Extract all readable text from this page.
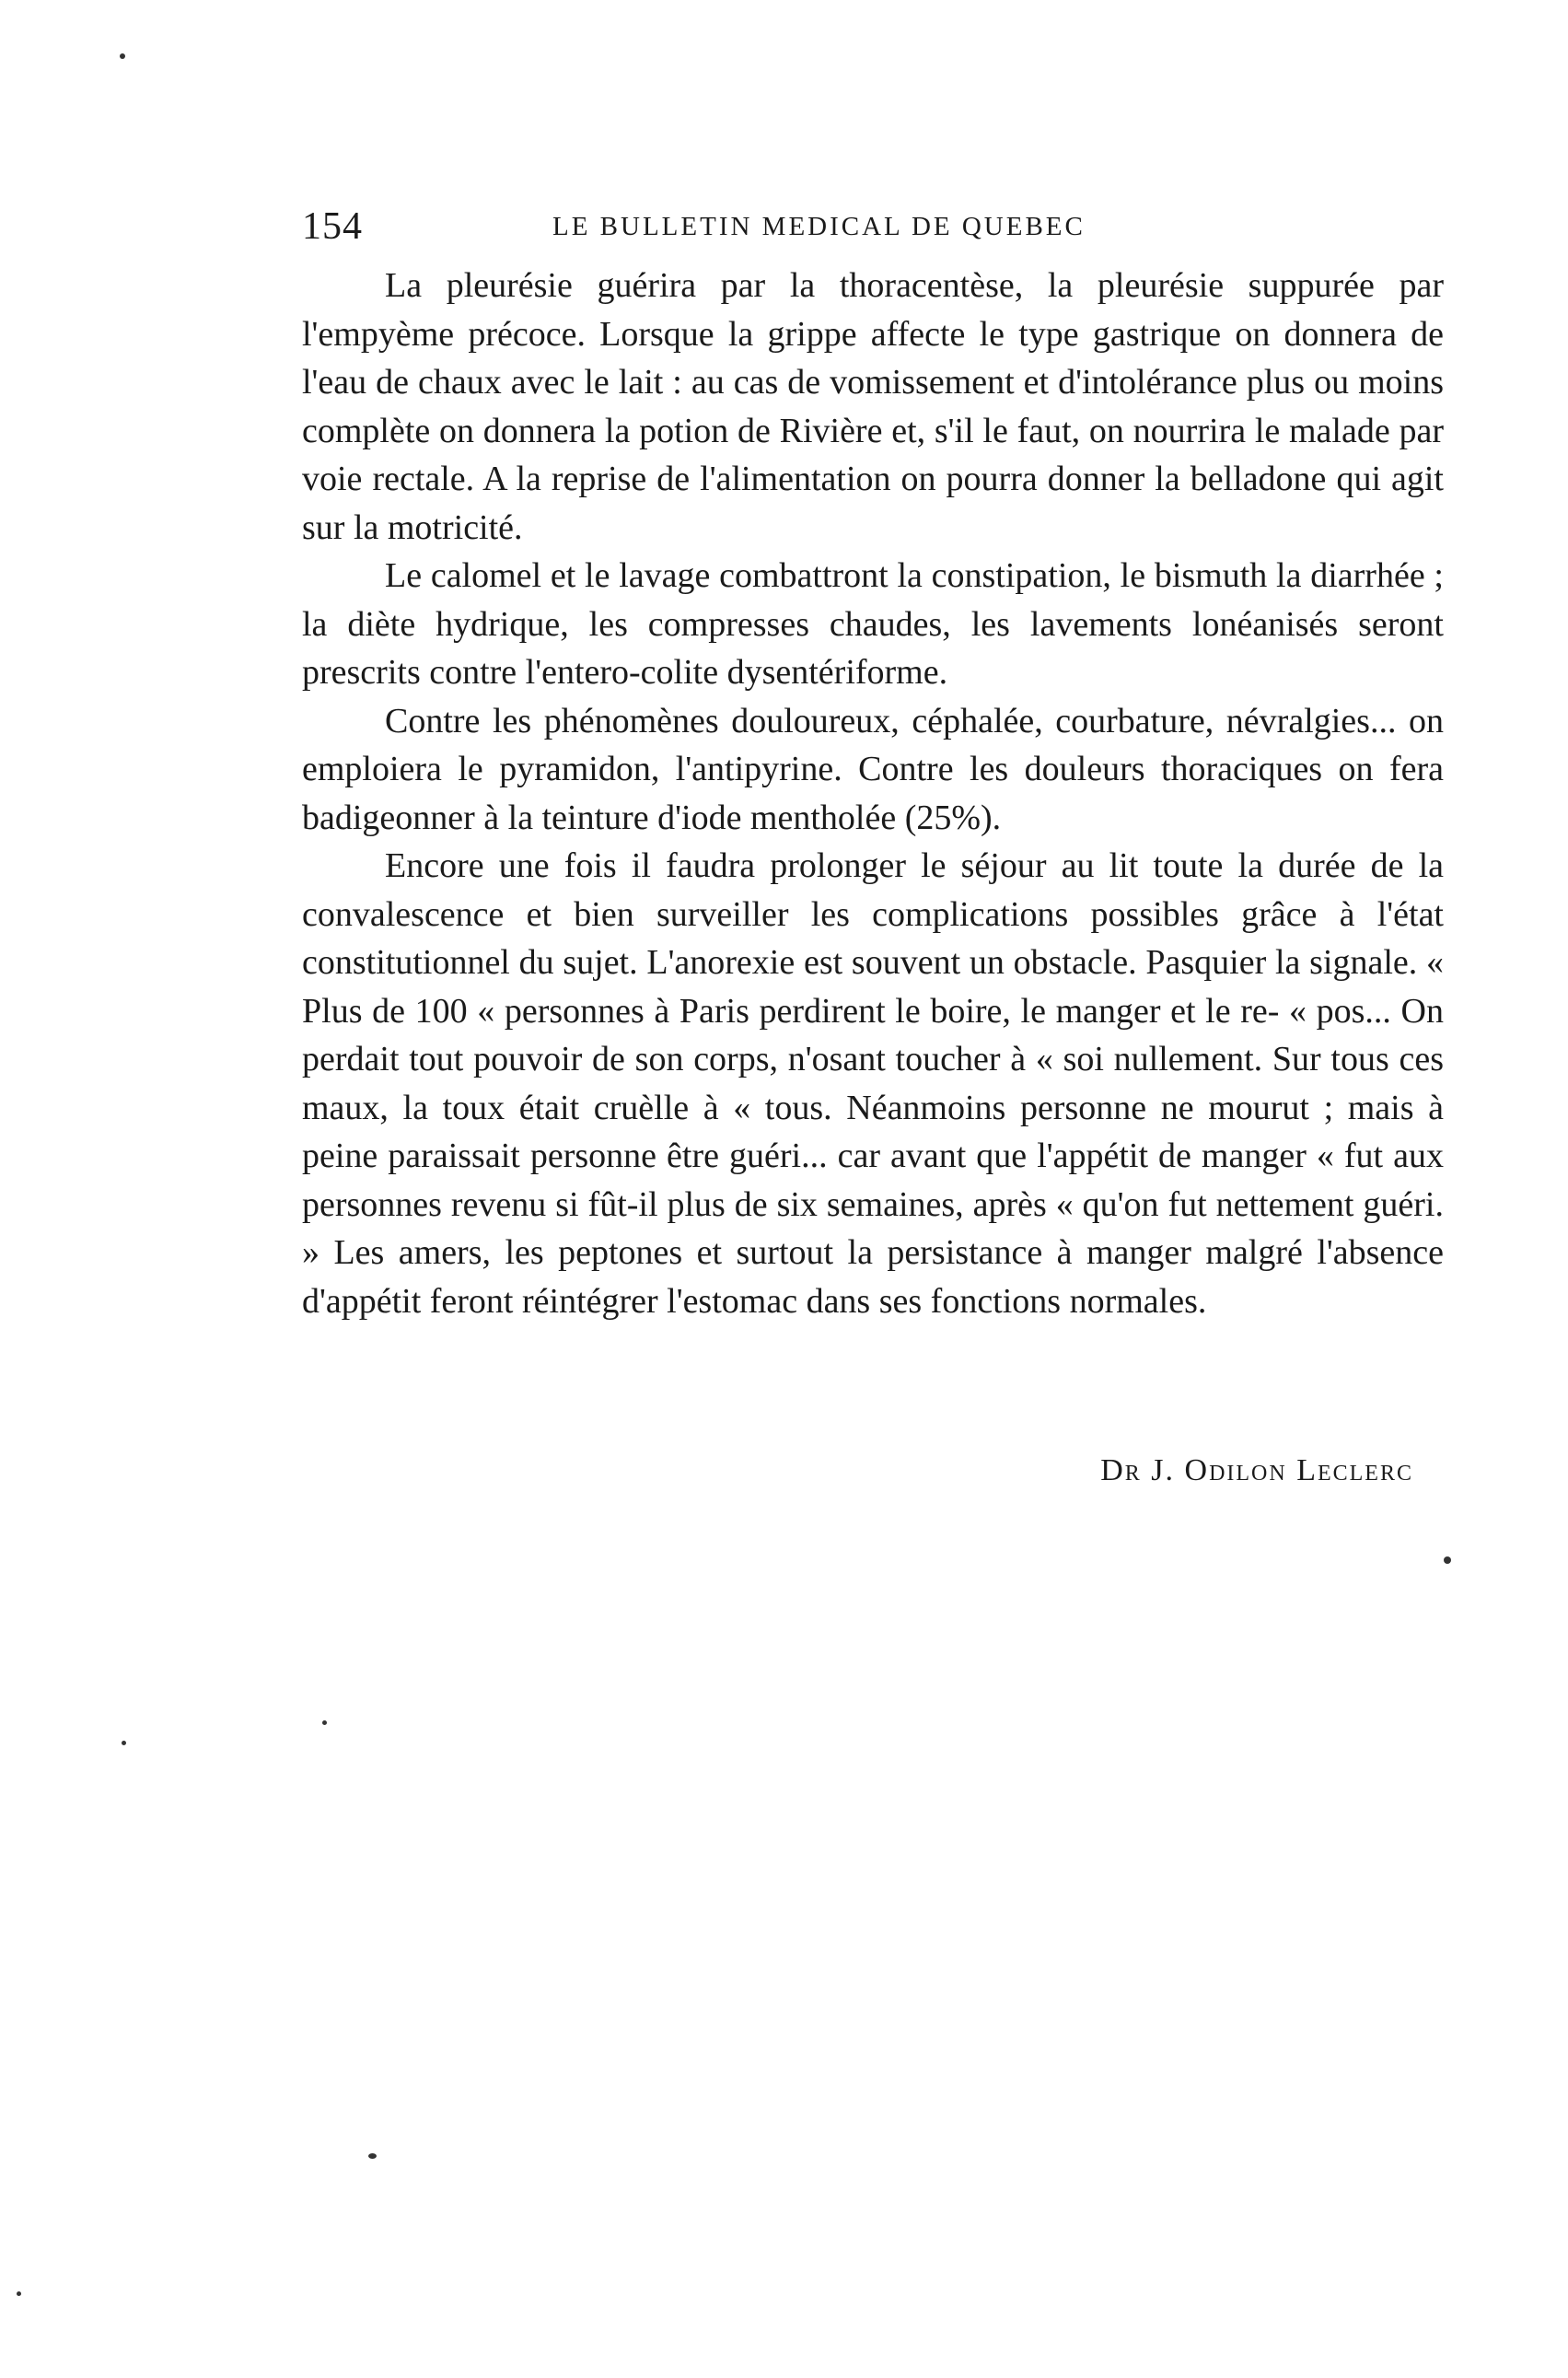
154	LE BULLETIN MEDICAL DE QUEBEC

La pleurésie guérira par la thoracentèse, la pleurésie suppurée par l'empyème précoce. Lorsque la grippe affecte le type gastrique on donnera de l'eau de chaux avec le lait : au cas de vomissement et d'intolérance plus ou moins complète on donnera la potion de Rivière et, s'il le faut, on nourrira le malade par voie rectale. A la reprise de l'alimentation on pourra donner la belladone qui agit sur la motricité.

Le calomel et le lavage combattront la constipation, le bismuth la diarrhée ; la diète hydrique, les compresses chaudes, les lavements lonéanisés seront prescrits contre l'entero-colite dysentériforme.

Contre les phénomènes douloureux, céphalée, courbature, névralgies... on emploiera le pyramidon, l'antipyrine. Contre les douleurs thoraciques on fera badigeonner à la teinture d'iode mentholée (25%).

Encore une fois il faudra prolonger le séjour au lit toute la durée de la convalescence et bien surveiller les complications possibles grâce à l'état constitutionnel du sujet. L'anorexie est souvent un obstacle. Pasquier la signale. « Plus de 100 « personnes à Paris perdirent le boire, le manger et le re- « pos... On perdait tout pouvoir de son corps, n'osant toucher à « soi nullement. Sur tous ces maux, la toux était cruèlle à « tous. Néanmoins personne ne mourut ; mais à peine paraissait personne être guéri... car avant que l'appétit de manger « fut aux personnes revenu si fût-il plus de six semaines, après « qu'on fut nettement guéri. » Les amers, les peptones et surtout la persistance à manger malgré l'absence d'appétit feront réintégrer l'estomac dans ses fonctions normales.

Dr J. Odilon Leclerc
